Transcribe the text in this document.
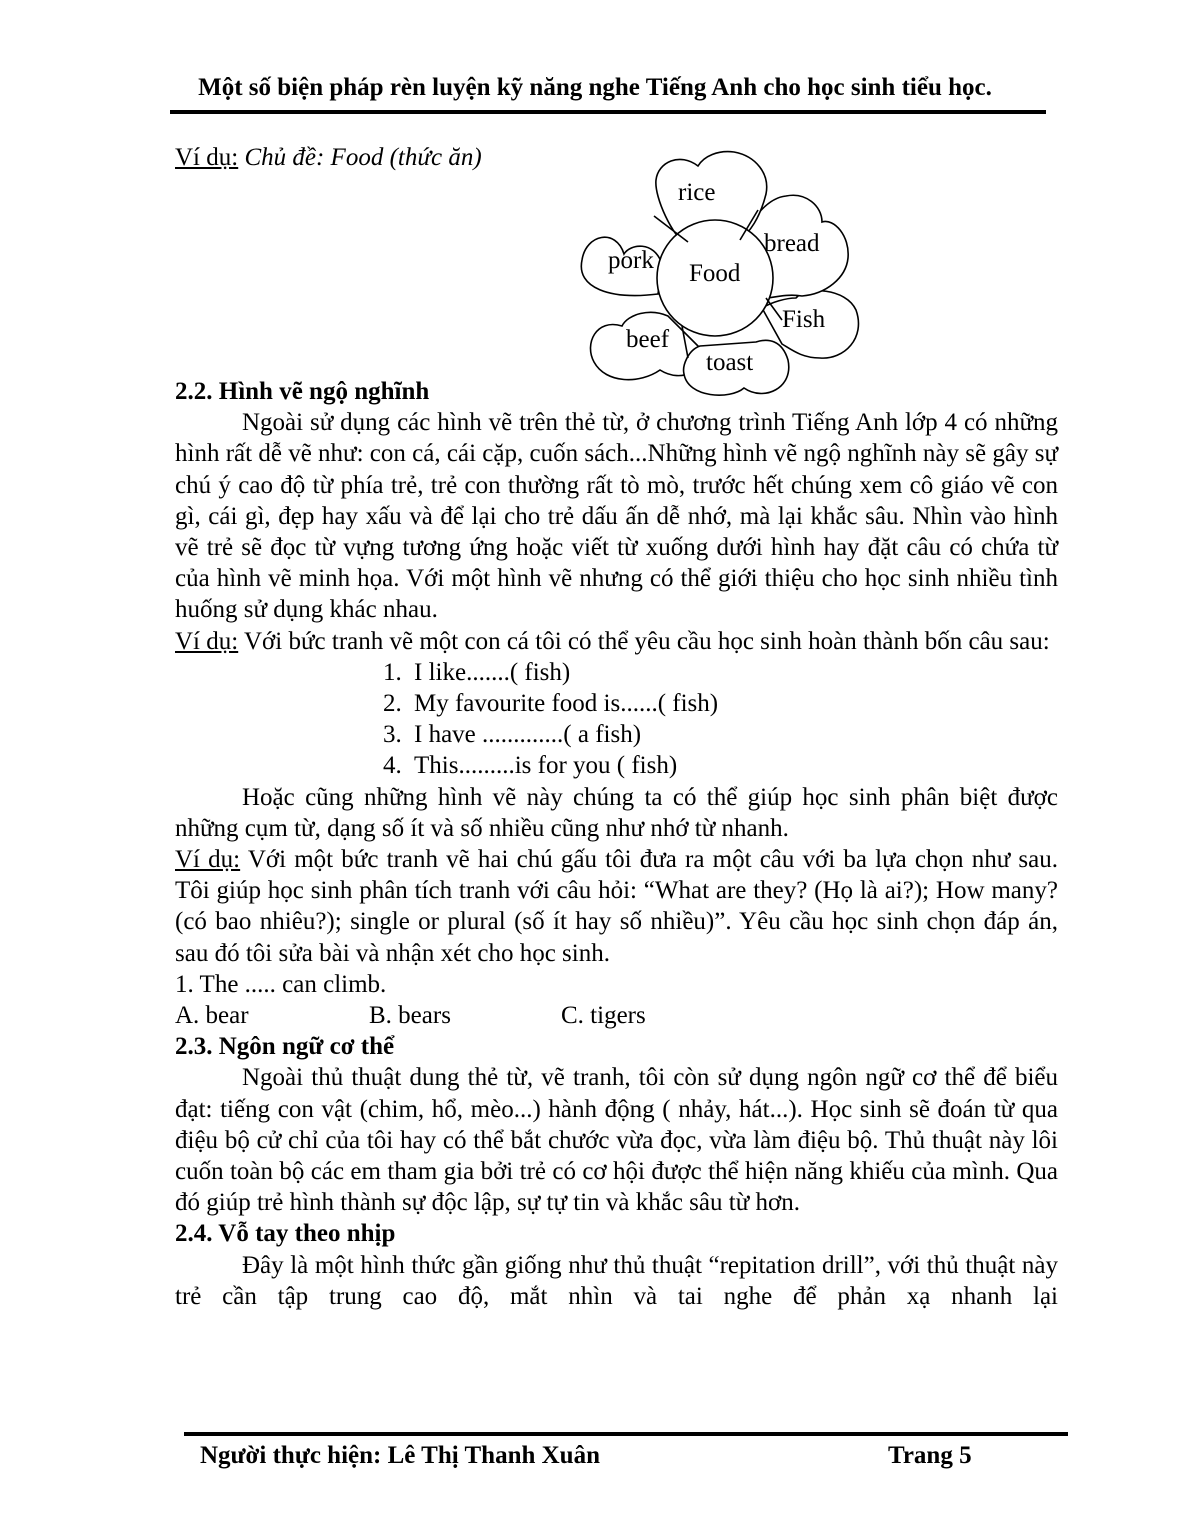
Một số biện pháp rèn luyện kỹ năng nghe Tiếng Anh cho học sinh tiểu học.
Ví dụ: Chủ đề: Food (thức ăn)
rice
bread
Fish
toast
beef
pork Food

2.2. Hình vẽ ngộ nghĩnh

Ngoài sử dụng các hình vẽ trên thẻ từ, ở chương trình Tiếng Anh lớp 4 có những hình rất dễ vẽ như: con cá, cái cặp, cuốn sách...Những hình vẽ ngộ nghĩnh này sẽ gây sự chú ý cao độ từ phía trẻ, trẻ con thường rất tò mò, trước hết chúng xem cô giáo vẽ con gì, cái gì, đẹp hay xấu và để lại cho trẻ dấu ấn dễ nhớ, mà lại khắc sâu. Nhìn vào hình vẽ trẻ sẽ đọc từ vựng tương ứng hoặc viết từ xuống dưới hình hay đặt câu có chứa từ của hình vẽ minh họa. Với một hình vẽ nhưng có thể giới thiệu cho học sinh nhiều tình huống sử dụng khác nhau.

Ví dụ: Với bức tranh vẽ một con cá tôi có thể yêu cầu học sinh hoàn thành bốn câu sau:

1. I like.......( fish)
2. My favourite food is......( fish)
3. I have .............( a fish)
4. This.........is for you ( fish)

Hoặc cũng những hình vẽ này chúng ta có thể giúp học sinh phân biệt được những cụm từ, dạng số ít và số nhiều cũng như nhớ từ nhanh.

Ví dụ: Với một bức tranh vẽ hai chú gấu tôi đưa ra một câu với ba lựa chọn như sau. Tôi giúp học sinh phân tích tranh với câu hỏi: “What are they? (Họ là ai?); How many? (có bao nhiêu?); single or plural (số ít hay số nhiều)”. Yêu cầu học sinh chọn đáp án, sau đó tôi sửa bài và nhận xét cho học sinh.

1. The ..... can climb.

A. bear	B. bears	C. tigers

2.3. Ngôn ngữ cơ thể

Ngoài thủ thuật dung thẻ từ, vẽ tranh, tôi còn sử dụng ngôn ngữ cơ thể để biểu đạt: tiếng con vật (chim, hổ, mèo...) hành động ( nhảy, hát...). Học sinh sẽ đoán từ qua điệu bộ cử chỉ của tôi hay có thể bắt chước vừa đọc, vừa làm điệu bộ. Thủ thuật này lôi cuốn toàn bộ các em tham gia bởi trẻ có cơ hội được thể hiện năng khiếu của mình. Qua đó giúp trẻ hình thành sự độc lập, sự tự tin và khắc sâu từ hơn.

2.4. Vỗ tay theo nhịp

Đây là một hình thức gần giống như thủ thuật “repitation drill”, với thủ thuật này trẻ cần tập trung cao độ, mắt nhìn và tai nghe để phản xạ nhanh lại

Người thực hiện: Lê Thị Thanh Xuân	Trang 5
